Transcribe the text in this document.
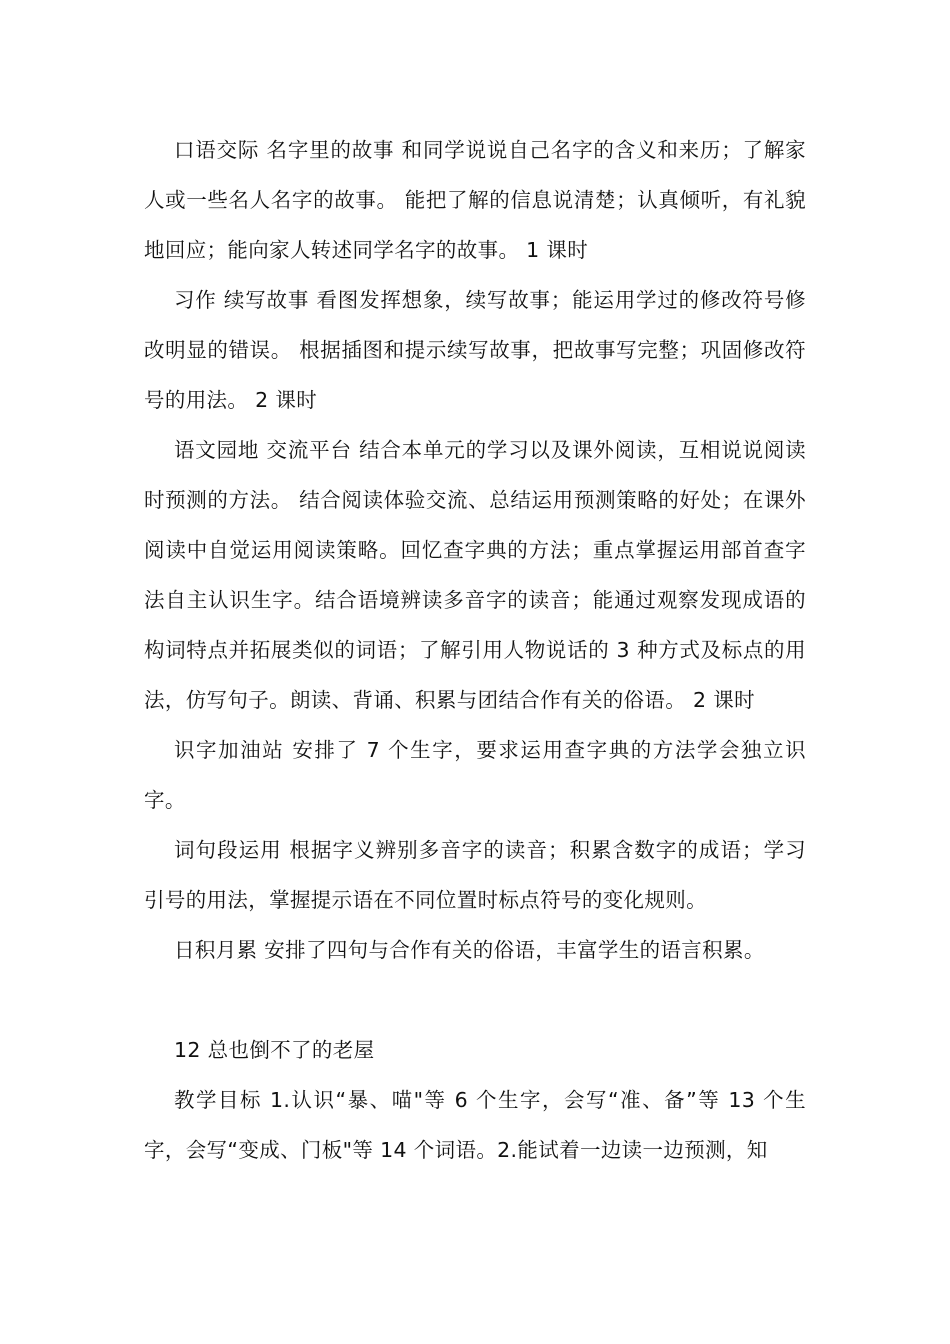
口语交际 名字里的故事 和同学说说自己名字的含义和来历；了解家人或一些名人名字的故事。 能把了解的信息说清楚；认真倾听，有礼貌地回应；能向家人转述同学名字的故事。 1 课时

习作 续写故事 看图发挥想象，续写故事；能运用学过的修改符号修改明显的错误。 根据插图和提示续写故事，把故事写完整；巩固修改符号的用法。 2 课时

语文园地 交流平台 结合本单元的学习以及课外阅读，互相说说阅读时预测的方法。 结合阅读体验交流、总结运用预测策略的好处；在课外阅读中自觉运用阅读策略。回忆查字典的方法；重点掌握运用部首查字法自主认识生字。结合语境辨读多音字的读音；能通过观察发现成语的构词特点并拓展类似的词语；了解引用人物说话的 3 种方式及标点的用法，仿写句子。朗读、背诵、积累与团结合作有关的俗语。 2 课时

识字加油站 安排了 7 个生字，要求运用查字典的方法学会独立识字。

词句段运用 根据字义辨别多音字的读音；积累含数字的成语；学习引号的用法，掌握提示语在不同位置时标点符号的变化规则。

日积月累 安排了四句与合作有关的俗语，丰富学生的语言积累。

12 总也倒不了的老屋

教学目标 1.认识“暴、喵"等 6 个生字，会写“准、备”等 13 个生字，会写“变成、门板"等 14 个词语。2.能试着一边读一边预测，知
